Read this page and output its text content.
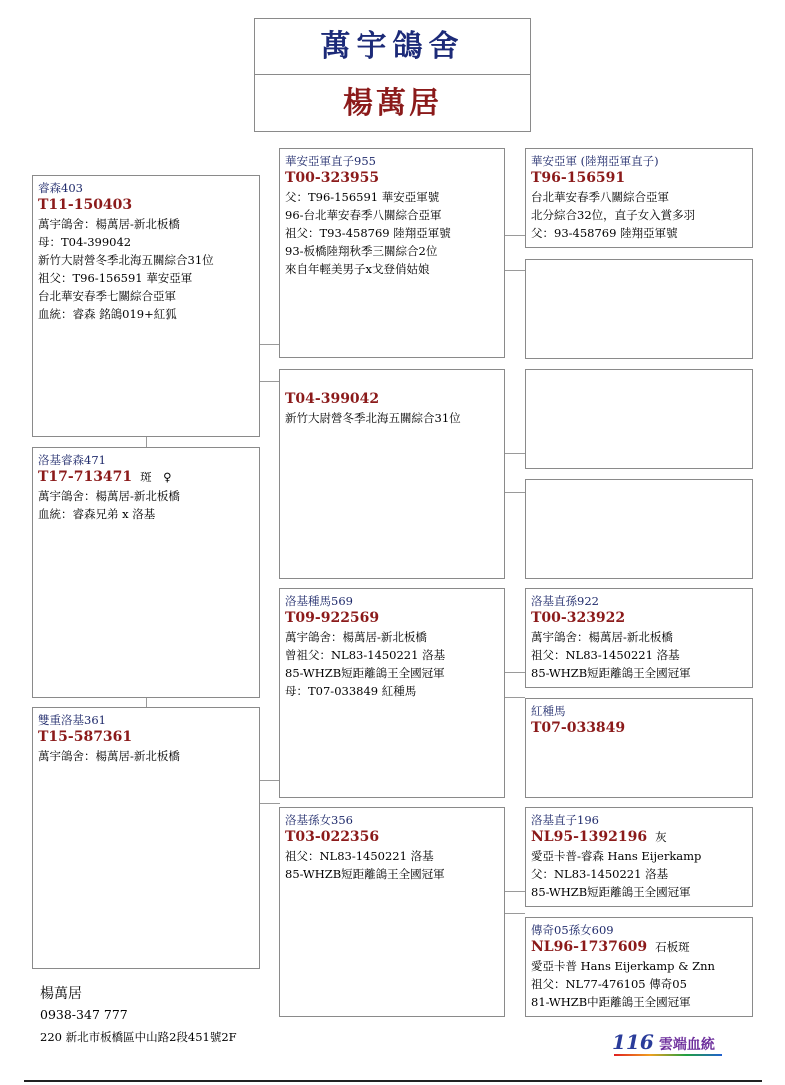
萬宇鴿舍
楊萬居
洛基睿森471
T17-713471 斑　♀
萬宇鴿舍：楊萬居-新北板橋
血統：睿森兄弟 x 洛基
睿森403
T11-150403
萬宇鴿舍：楊萬居-新北板橋
母：T04-399042
新竹大尉營冬季北海五關綜合31位
祖父：T96-156591 華安亞軍
台北華安春季七關綜合亞軍
血統：睿森 銘鴿019+紅狐
雙重洛基361
T15-587361
萬宇鴿舍：楊萬居-新北板橋
華安亞軍直子955
T00-323955
父：T96-156591 華安亞軍號
96-台北華安春季八關綜合亞軍
祖父：T93-458769 陸翔亞軍號
93-板橋陸翔秋季三關綜合2位
來自年輕美男子x戈登俏姑娘
T04-399042
新竹大尉營冬季北海五關綜合31位
洛基種馬569
T09-922569
萬宇鴿舍：楊萬居-新北板橋
曾祖父：NL83-1450221 洛基
85-WHZB短距離鴿王全國冠軍
母：T07-033849 紅種馬
洛基孫女356
T03-022356
祖父：NL83-1450221 洛基
85-WHZB短距離鴿王全國冠軍
華安亞軍 (陸翔亞軍直子)
T96-156591
台北華安春季八關綜合亞軍
北分綜合32位，直子女入賞多羽
父：93-458769 陸翔亞軍號
洛基直孫922
T00-323922
萬宇鴿舍：楊萬居-新北板橋
祖父：NL83-1450221 洛基
85-WHZB短距離鴿王全國冠軍
紅種馬
T07-033849
洛基直子196
NL95-1392196 灰
愛亞卡普-睿森 Hans Eijerkamp
父：NL83-1450221 洛基
85-WHZB短距離鴿王全國冠軍
傳奇05孫女609
NL96-1737609 石板斑
愛亞卡普 Hans Eijerkamp & Znn
祖父：NL77-476105 傳奇05
81-WHZB中距離鴿王全國冠軍
楊萬居
0938-347 777
220 新北市板橋區中山路2段451號2F	116 雲端血統
